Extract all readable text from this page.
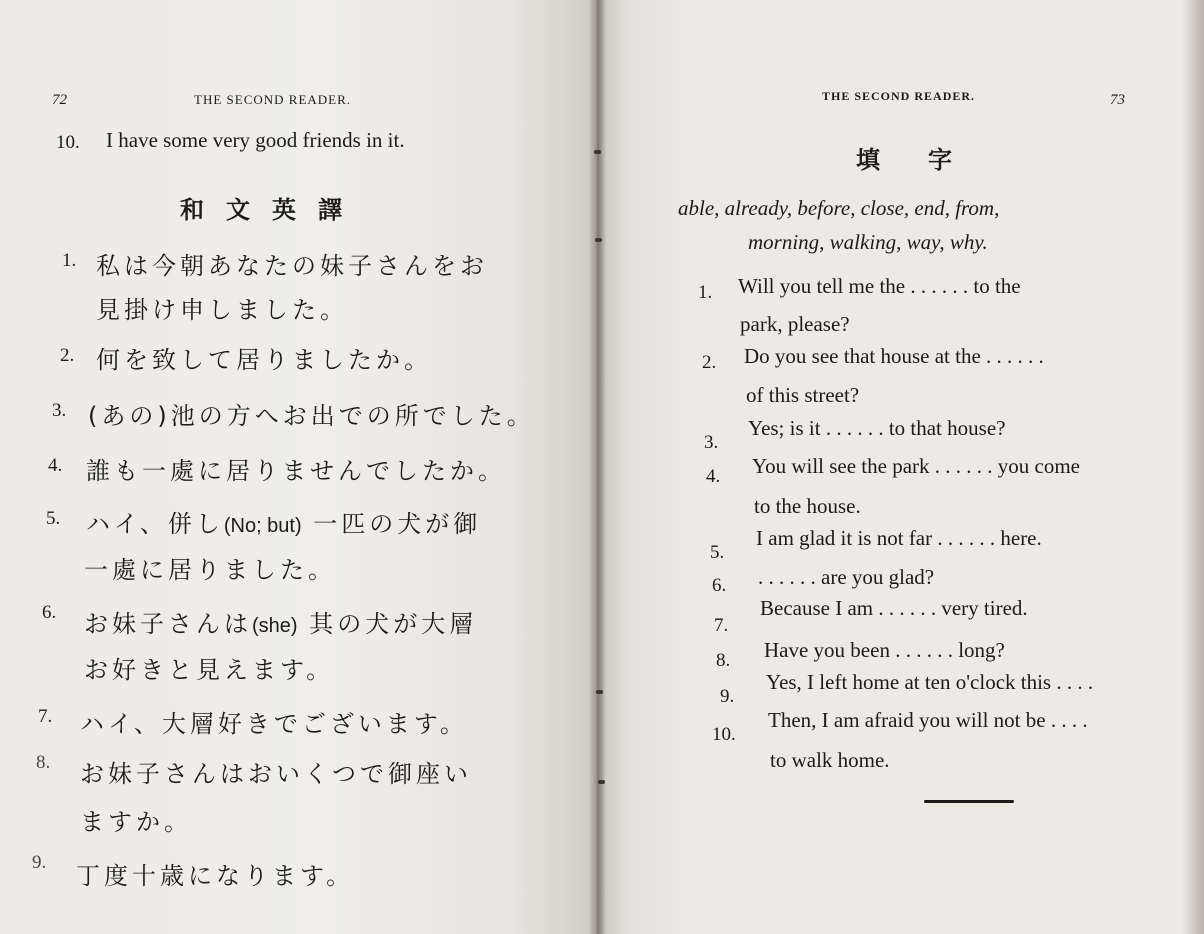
72	THE SECOND READER.
10. I have some very good friends in it.
和文英譯
1. 私は今朝あなたの妹子さんをお
見掛け申しました。
2. 何を致して居りましたか。
3. (あの)池の方へお出での所でした。
4. 誰も一處に居りませんでしたか。
5. ハイ、併し(No; but) 一匹の犬が御
一處に居りました。
6. お妹子さんは(she) 其の犬が大層
お好きと見えます。
7. ハイ、大層好きでございます。
8. お妹子さんはおいくつで御座い
ますか。
9. 丁度十歳になります。
THE SECOND READER.	73
填字
able, already, before, close, end, from,
morning, walking, way, why.
1. Will you tell me the . . . . . . to the
park, please?
2. Do you see that house at the . . . . . .
of this street?
3.
Yes; is it . . . . . . to that house?
4. You will see the park . . . . . . you come
to the house.
5.
I am glad it is not far . . . . . . here.
6. . . . . . . are you glad?
7.
Because I am . . . . . . very tired.
8. Have you been . . . . . . long?
9.
Yes, I left home at ten o'clock this . . . .
10.
Then, I am afraid you will not be . . . .
to walk home.
